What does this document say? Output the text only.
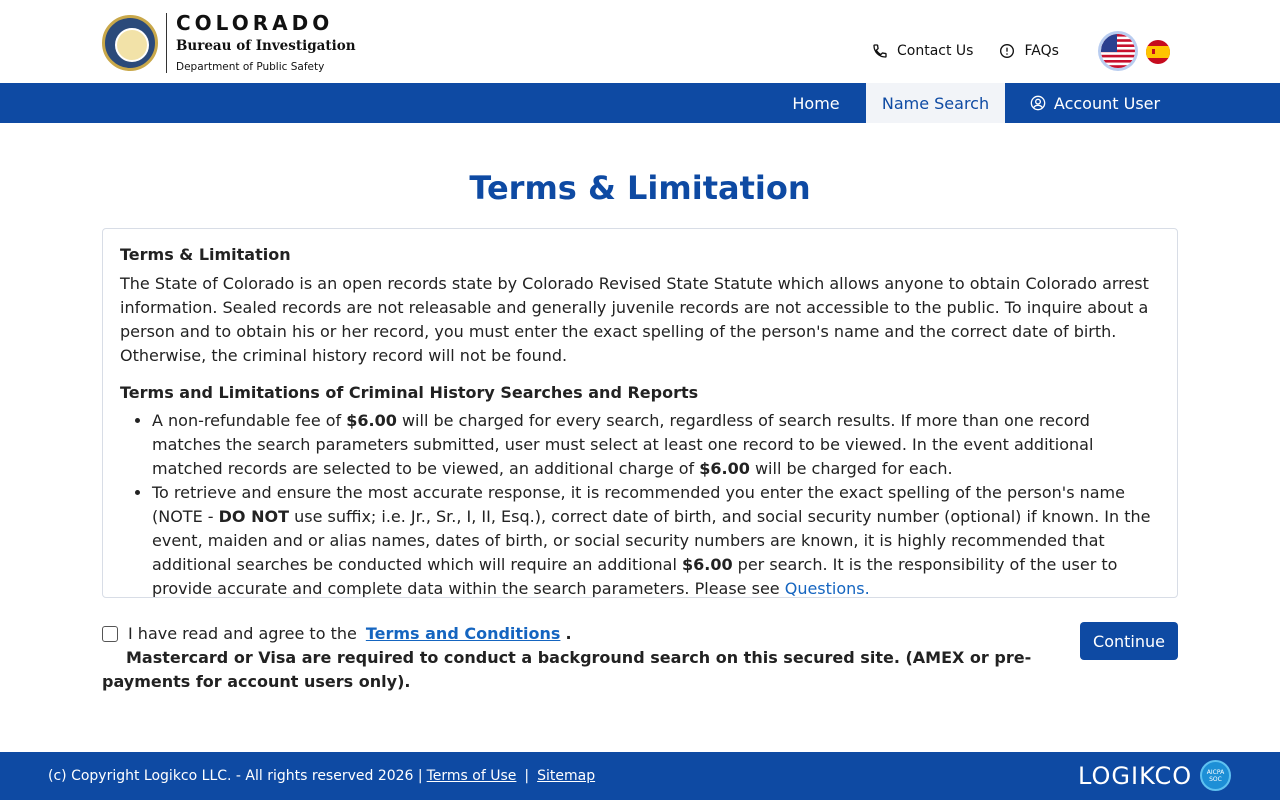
COLORADO
Bureau of Investigation
Department of Public Safety
Contact Us	FAQs
Home	Name Search	Account User
Terms & Limitation
Terms & Limitation

The State of Colorado is an open records state by Colorado Revised State Statute which allows anyone to obtain Colorado arrest information. Sealed records are not releasable and generally juvenile records are not accessible to the public. To inquire about a person and to obtain his or her record, you must enter the exact spelling of the person's name and the correct date of birth. Otherwise, the criminal history record will not be found.

Terms and Limitations of Criminal History Searches and Reports
• A non-refundable fee of $6.00 will be charged for every search, regardless of search results. If more than one record matches the search parameters submitted, user must select at least one record to be viewed. In the event additional matched records are selected to be viewed, an additional charge of $6.00 will be charged for each.
• To retrieve and ensure the most accurate response, it is recommended you enter the exact spelling of the person's name (NOTE - DO NOT use suffix; i.e. Jr., Sr., I, II, Esq.), correct date of birth, and social security number (optional) if known. In the event, maiden and or alias names, dates of birth, or social security numbers are known, it is highly recommended that additional searches be conducted which will require an additional $6.00 per search. It is the responsibility of the user to provide accurate and complete data within the search parameters. Please see Questions.
I have read and agree to the Terms and Conditions .
Mastercard or Visa are required to conduct a background search on this secured site. (AMEX or pre-payments for account users only).
Continue
(c) Copyright Logikco LLC. - All rights reserved 2026 | Terms of Use | Sitemap	LOGIKCO	AICPA SOC
